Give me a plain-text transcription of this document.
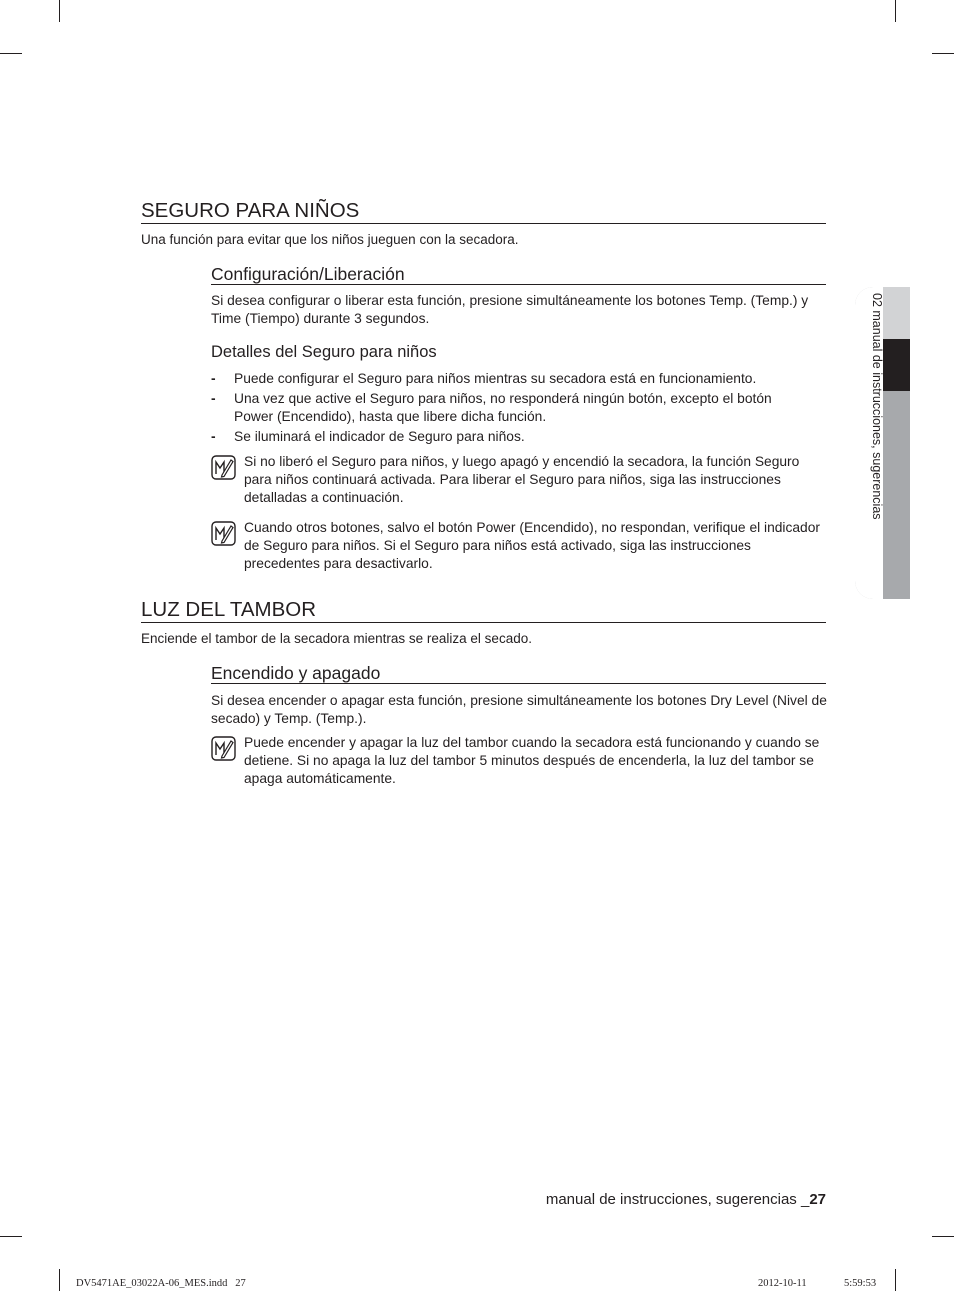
SEGURO PARA NIÑOS

Una función para evitar que los niños jueguen con la secadora.

Configuración/Liberación

Si desea configurar o liberar esta función, presione simultáneamente los botones Temp. (Temp.) y Time (Tiempo) durante 3 segundos.

Detalles del Seguro para niños
- Puede configurar el Seguro para niños mientras su secadora está en funcionamiento.
- Una vez que active el Seguro para niños, no responderá ningún botón, excepto el botón Power (Encendido), hasta que libere dicha función.
- Se iluminará el indicador de Seguro para niños.

Si no liberó el Seguro para niños, y luego apagó y encendió la secadora, la función Seguro para niños continuará activada. Para liberar el Seguro para niños, siga las instrucciones detalladas a continuación.

Cuando otros botones, salvo el botón Power (Encendido), no respondan, verifique el indicador de Seguro para niños. Si el Seguro para niños está activado, siga las instrucciones precedentes para desactivarlo.

LUZ DEL TAMBOR

Enciende el tambor de la secadora mientras se realiza el secado.

Encendido y apagado

Si desea encender o apagar esta función, presione simultáneamente los botones Dry Level (Nivel de secado) y Temp. (Temp.).

Puede encender y apagar la luz del tambor cuando la secadora está funcionando y cuando se detiene. Si no apaga la luz del tambor 5 minutos después de encenderla, la luz del tambor se apaga automáticamente.

02 manual de instrucciones, sugerencias
manual de instrucciones, sugerencias _27
DV5471AE_03022A-06_MES.indd   27	2012-10-11	5:59:53
